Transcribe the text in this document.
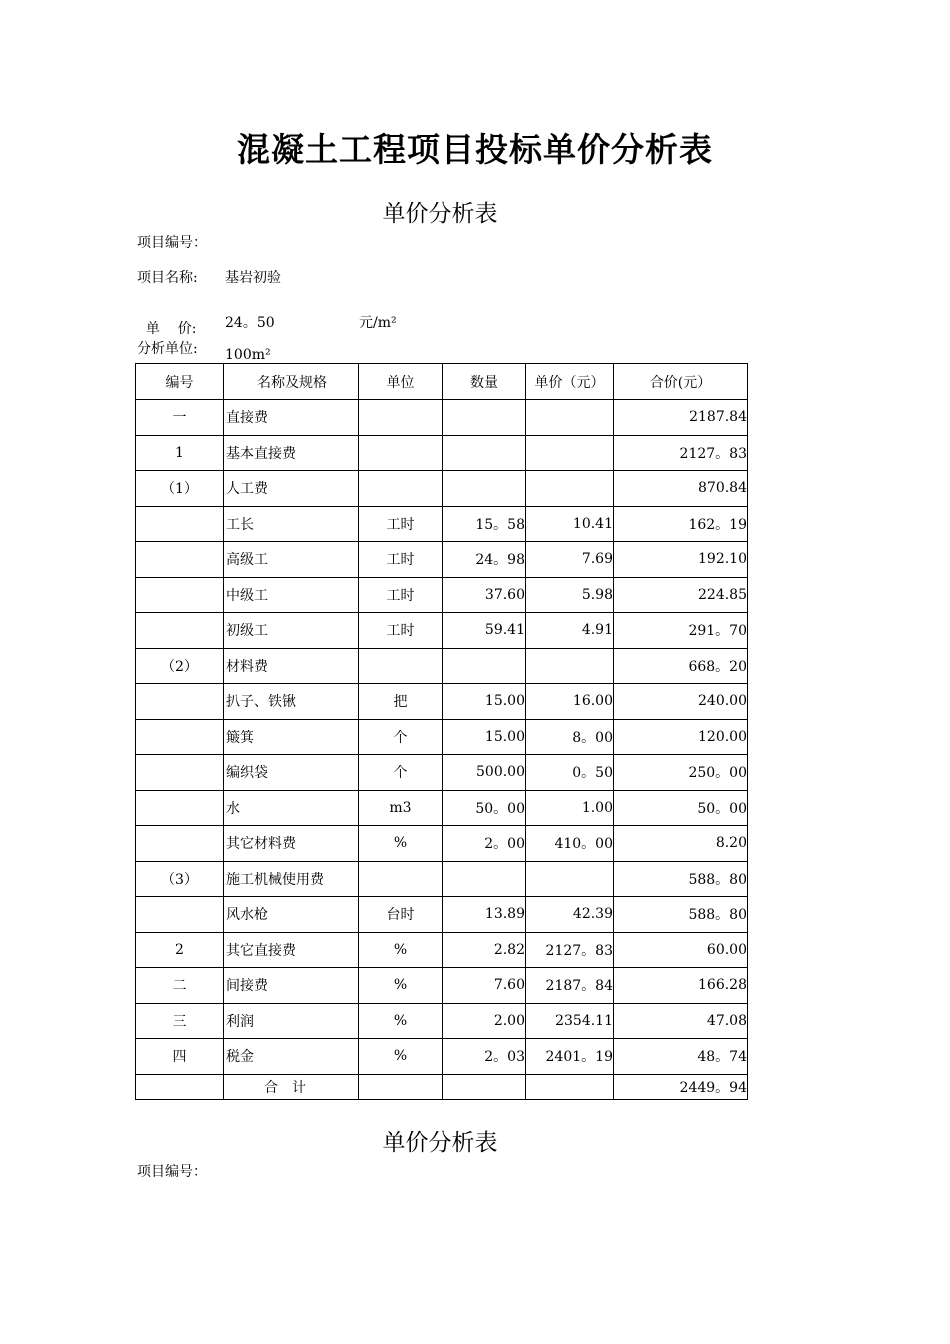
混凝土工程项目投标单价分析表
单价分析表
项目编号：
项目名称: 基岩初验

单    价:
24。50

	元/m²

分析单位: 100m²
编号	名称及规格	单位	数量	单价（元）	合价(元）
一	直接费				2187.84
1	基本直接费				2127。83
（1）	人工费				870.84
	工长	工时	15。58	10.41	162。19
	高级工	工时	24。98	7.69	192.10
	中级工	工时	37.60	5.98	224.85
	初级工	工时	59.41	4.91	291。70
（2）	材料费				668。20
	扒子、铁锹	把	15.00	16.00	240.00
	簸箕	个	15.00	8。00	120.00
	编织袋	个	500.00	0。50	250。00
	水	m3	50。00	1.00	50。00
	其它材料费	%	2。00	410。00	8.20
（3）	施工机械使用费				588。80
	风水枪	台时	13.89	42.39	588。80
2	其它直接费	%	2.82	2127。83	60.00
二	间接费	%	7.60	2187。84	166.28
三	利润	%	2.00	2354.11	47.08
四	税金	%	2。03	2401。19	48。74
	合计				2449。94
单价分析表
项目编号：
